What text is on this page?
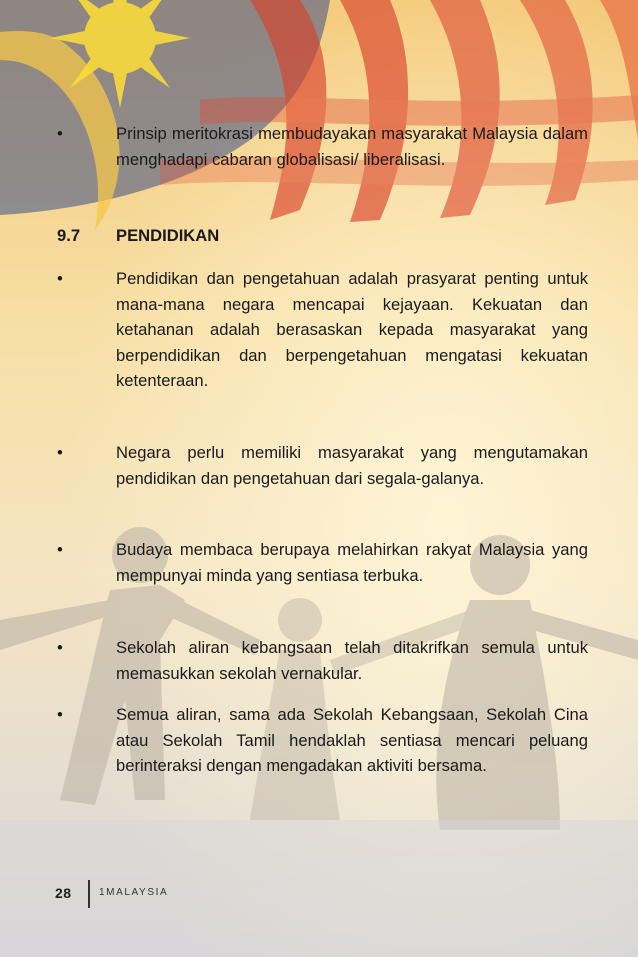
•	Prinsip meritokrasi membudayakan masyarakat Malaysia dalam menghadapi cabaran globalisasi/ liberalisasi.
9.7 PENDIDIKAN
•	Pendidikan dan pengetahuan adalah prasyarat penting untuk mana-mana negara mencapai kejayaan. Kekuatan dan ketahanan adalah berasaskan kepada masyarakat yang berpendidikan dan berpengetahuan mengatasi kekuatan ketenteraan.
•	Negara perlu memiliki masyarakat yang mengutamakan pendidikan dan pengetahuan dari segala-galanya.
•	Budaya membaca berupaya melahirkan rakyat Malaysia yang mempunyai minda yang sentiasa terbuka.
•	Sekolah aliran kebangsaan telah ditakrifkan semula untuk memasukkan sekolah vernakular.
•	Semua aliran, sama ada Sekolah Kebangsaan, Sekolah Cina atau Sekolah Tamil hendaklah sentiasa mencari peluang berinteraksi dengan mengadakan aktiviti bersama.
28	1MALAYSIA
